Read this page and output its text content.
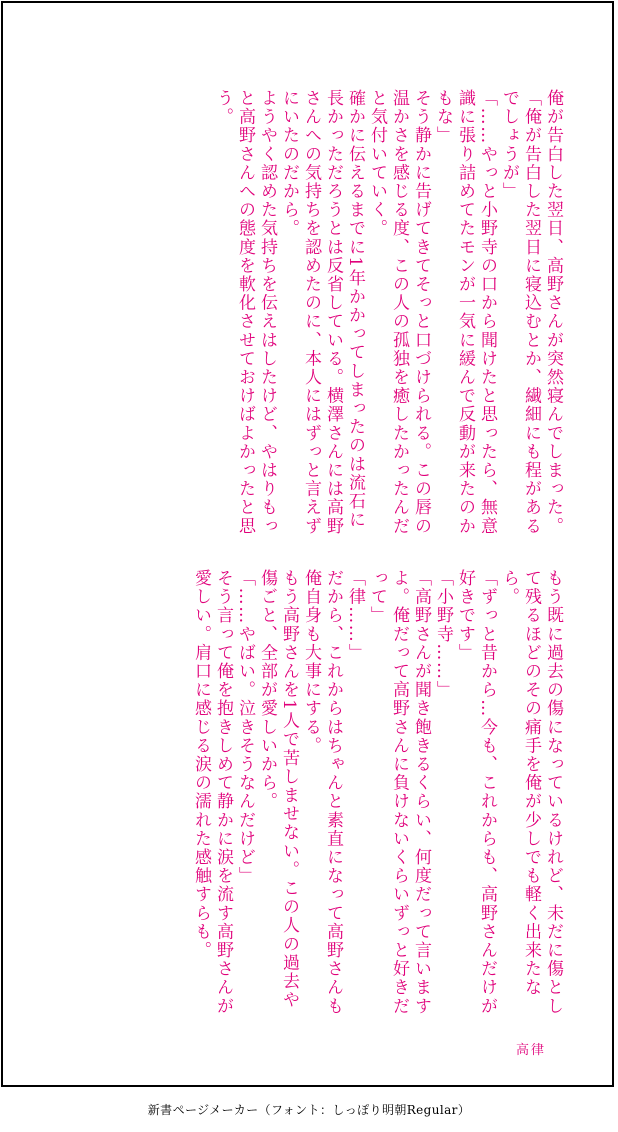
俺が告白した翌日、高野さんが突然寝んでしまった。
「俺が告白した翌日に寝込むとか、繊細にも程があるでしょうが」
「……やっと小野寺の口から聞けたと思ったら、無意識に張り詰めてたモンが一気に緩んで反動が来たのかもな」
そう静かに告げてきてそっと口づけられる。この唇の温かさを感じる度、この人の孤独を癒したかったんだと気付いていく。
確かに伝えるまでに1年かかってしまったのは流石に長かっただろうとは反省している。横澤さんには高野さんへの気持ちを認めたのに、本人にはずっと言えずにいたのだから。
ようやく認めた気持ちを伝えはしたけど、やはりもっと高野さんへの態度を軟化させておけばよかったと思う。
もう既に過去の傷になっているけれど、未だに傷として残るほどのその痛手を俺が少しでも軽く出来たなら。
「ずっと昔から…今も、これからも、高野さんだけが好きです」
「小野寺……」
「高野さんが聞き飽きるくらい、何度だって言いますよ。俺だって高野さんに負けないくらいずっと好きだって」
「律……」
だから、これからはちゃんと素直になって高野さんも俺自身も大事にする。
もう高野さんを1人で苦しませない。この人の過去や傷ごと、全部が愛しいから。
「……やばい。泣きそうなんだけど」
そう言って俺を抱きしめて静かに涙を流す高野さんが愛しい。肩口に感じる涙の濡れた感触すらも。
高律
新書ページメーカー（フォント：しっぽり明朝Regular）
